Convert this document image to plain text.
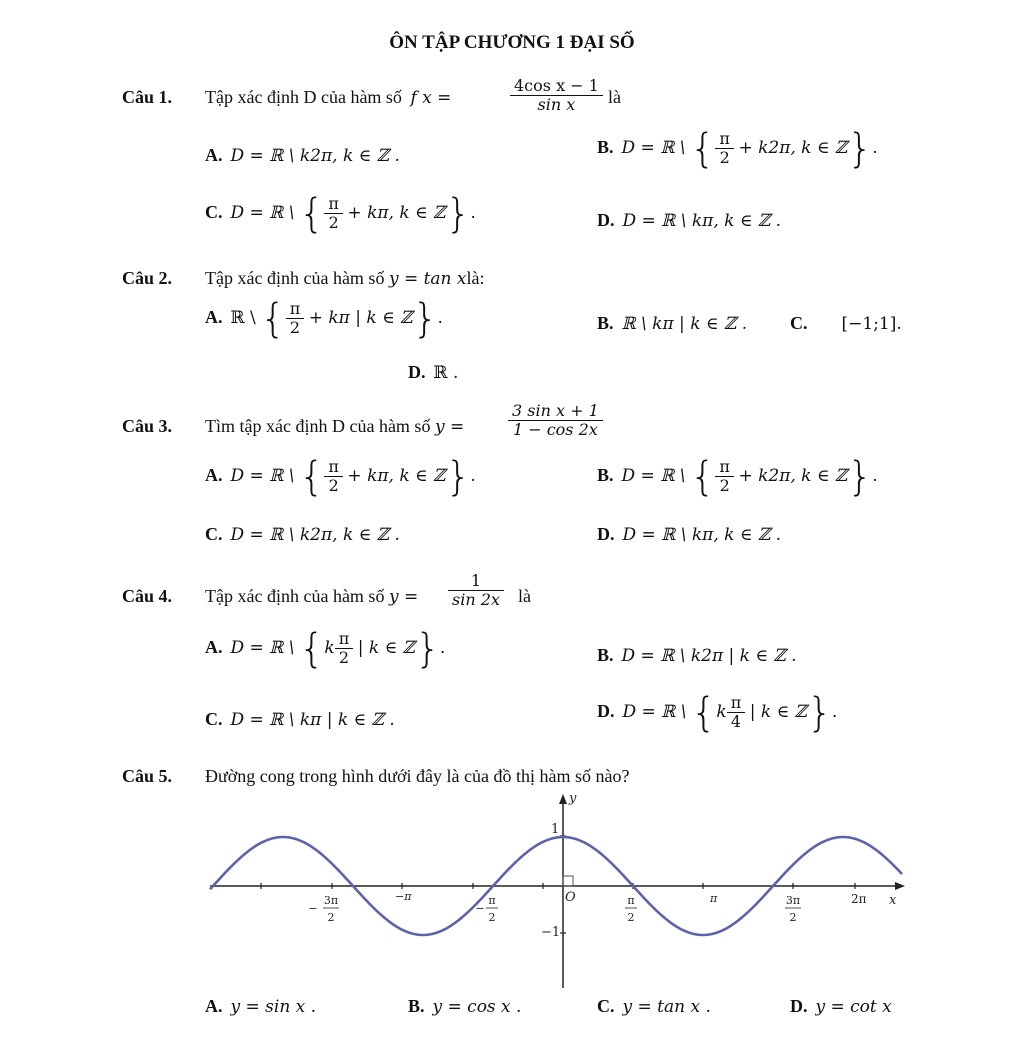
ÔN TẬP CHƯƠNG 1 ĐẠI SỐ
Câu 1. Tập xác định D của hàm số f x =	$\frac{\text{4cos x − 1}}{\text{sin x}}$ là
A. D = ℝ \ k2π, k ∈ ℤ .	B. D = ℝ \ { $\frac{\pi}{2} + k2\pi$, k ∈ ℤ}.
C. D = ℝ \ { $\frac{\pi}{2} + k\pi$, k ∈ ℤ}.	D. D = ℝ \ kπ, k ∈ ℤ .
Câu 2. Tập xác định của hàm số y = tan xlà:
A. ℝ \ { $\frac{\pi}{2} + k\pi$ | k ∈ ℤ}.	B. ℝ \ kπ | k ∈ ℤ . C. [−1;1].
D. ℝ .
Câu 3. Tìm tập xác định D của hàm số y =	$\frac{\text{3 sin x + 1}}{1 - \cos 2x}$
A. D = ℝ \ { $\frac{\pi}{2} + k\pi$, k ∈ ℤ}.	B. D = ℝ \ { $\frac{\pi}{2} + k2\pi$, k ∈ ℤ}.
C. D = ℝ \ k2π, k ∈ ℤ .	D. D = ℝ \ kπ, k ∈ ℤ .
Câu 4. Tập xác định của hàm số $y = \frac{1}{\sin 2x}$ là
A. D = ℝ \ {$k \frac{\pi}{2}$ | k ∈ ℤ}.	B. D = ℝ \ k2π | k ∈ ℤ .
C. D = ℝ \ kπ | k ∈ ℤ .	D. D = ℝ \ {$k \frac{\pi}{4}$ | k ∈ ℤ}.
Câu 5. Đường cong trong hình dưới đây là của đồ thị hàm số nào?
y
x
O
1
−1
−π	π	2π
−
3π
2
−
π
2
π
2
3π
2
A. y = sin x .	B. y = cos x .	C. y = tan x .	D. y = cot x
